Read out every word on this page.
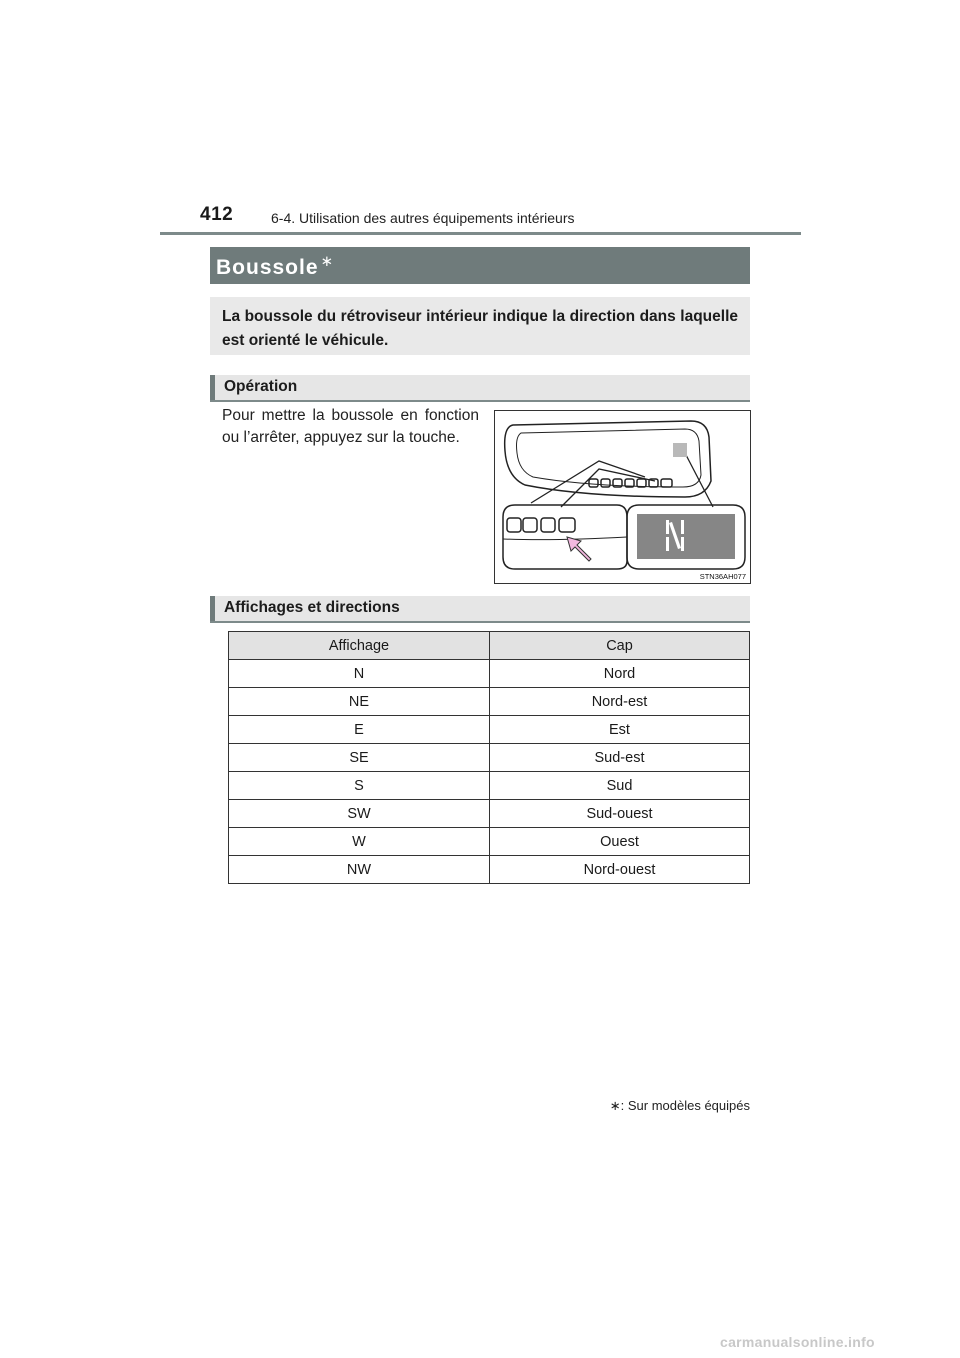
412	6-4. Utilisation des autres équipements intérieurs
Boussole ∗
La boussole du rétroviseur intérieur indique la direction dans laquelle est orienté le véhicule.
Opération
Pour mettre la boussole en fonction ou l’arrêter, appuyez sur la touche.
STN36AH077
Affichages et directions
Affichage	Cap
N	Nord
NE	Nord-est
E	Est
SE	Sud-est
S	Sud
SW	Sud-ouest
W	Ouest
NW	Nord-ouest
∗: Sur modèles équipés
carmanualsonline.info
